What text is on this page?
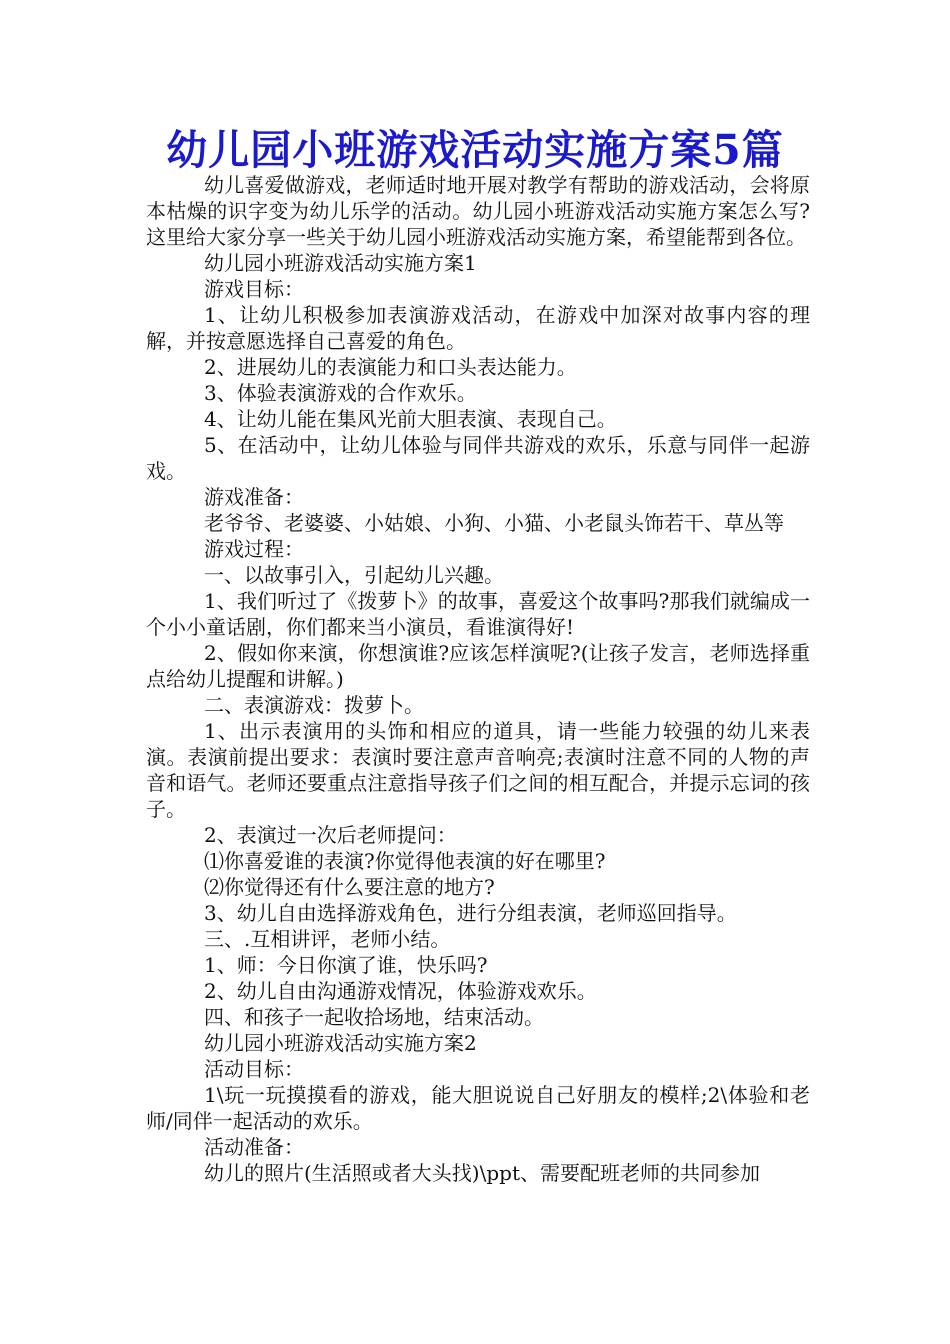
幼儿园小班游戏活动实施方案5篇

幼儿喜爱做游戏，老师适时地开展对教学有帮助的游戏活动，会将原本枯燥的识字变为幼儿乐学的活动。幼儿园小班游戏活动实施方案怎么写?这里给大家分享一些关于幼儿园小班游戏活动实施方案，希望能帮到各位。

幼儿园小班游戏活动实施方案1

游戏目标：

1、让幼儿积极参加表演游戏活动，在游戏中加深对故事内容的理解，并按意愿选择自己喜爱的角色。

2、进展幼儿的表演能力和口头表达能力。

3、体验表演游戏的合作欢乐。

4、让幼儿能在集风光前大胆表演、表现自己。

5、在活动中，让幼儿体验与同伴共游戏的欢乐，乐意与同伴一起游戏。

游戏准备：

老爷爷、老婆婆、小姑娘、小狗、小猫、小老鼠头饰若干、草丛等

游戏过程：

一、以故事引入，引起幼儿兴趣。

1、我们听过了《拨萝卜》的故事，喜爱这个故事吗?那我们就编成一个小小童话剧，你们都来当小演员，看谁演得好!

2、假如你来演，你想演谁?应该怎样演呢?(让孩子发言，老师选择重点给幼儿提醒和讲解。)

二、表演游戏：拨萝卜。

1、出示表演用的头饰和相应的道具，请一些能力较强的幼儿来表演。表演前提出要求：表演时要注意声音响亮;表演时注意不同的人物的声音和语气。老师还要重点注意指导孩子们之间的相互配合，并提示忘词的孩子。

2、表演过一次后老师提问：

⑴你喜爱谁的表演?你觉得他表演的好在哪里?

⑵你觉得还有什么要注意的地方?

3、幼儿自由选择游戏角色，进行分组表演，老师巡回指导。

三、.互相讲评，老师小结。

1、师：今日你演了谁，快乐吗?

2、幼儿自由沟通游戏情况，体验游戏欢乐。

四、和孩子一起收拾场地，结束活动。

幼儿园小班游戏活动实施方案2

活动目标：

1\玩一玩摸摸看的游戏，能大胆说说自己好朋友的模样;2\体验和老师/同伴一起活动的欢乐。

活动准备：

幼儿的照片(生活照或者大头找)\ppt、需要配班老师的共同参加
